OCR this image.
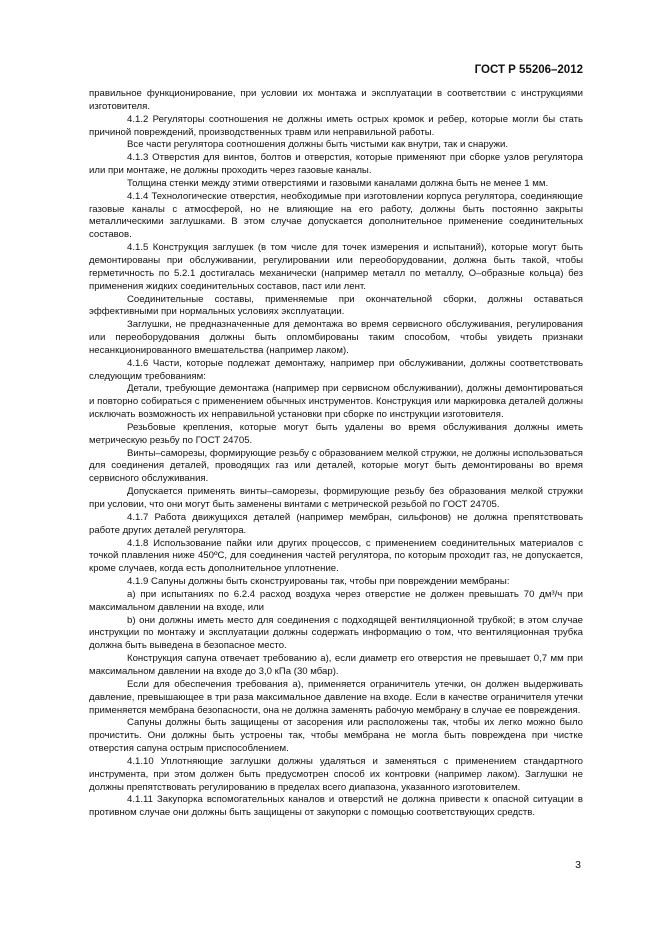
ГОСТ Р 55206–2012

правильное функционирование, при условии их монтажа и эксплуатации в соответствии с инструкциями изготовителя.

4.1.2 Регуляторы соотношения не должны иметь острых кромок и ребер, которые могли бы стать причиной повреждений, производственных травм или неправильной работы.

Все части регулятора соотношения должны быть чистыми как внутри, так и снаружи.

4.1.3 Отверстия для винтов, болтов и отверстия, которые применяют при сборке узлов регулятора или при монтаже, не должны проходить через газовые каналы.

Толщина стенки между этими отверстиями и газовыми каналами должна быть не менее 1 мм.

4.1.4 Технологические отверстия, необходимые при изготовлении корпуса регулятора, соединяющие газовые каналы с атмосферой, но не влияющие на его работу, должны быть постоянно закрыты металлическими заглушками. В этом случае допускается дополнительное применение соединительных составов.

4.1.5 Конструкция заглушек (в том числе для точек измерения и испытаний), которые могут быть демонтированы при обслуживании, регулировании или переоборудовании, должна быть такой, чтобы герметичность по 5.2.1 достигалась механически (например металл по металлу, О–образные кольца) без применения жидких соединительных составов, паст или лент.

Соединительные составы, применяемые при окончательной сборки, должны оставаться эффективными при нормальных условиях эксплуатации.

Заглушки, не предназначенные для демонтажа во время сервисного обслуживания, регулирования или переоборудования должны быть опломбированы таким способом, чтобы увидеть признаки несанкционированного вмешательства (например лаком).

4.1.6 Части, которые подлежат демонтажу, например при обслуживании, должны соответствовать следующим требованиям:

Детали, требующие демонтажа (например при сервисном обслуживании), должны демонтироваться и повторно собираться с применением обычных инструментов. Конструкция или маркировка деталей должны исключать возможность их неправильной установки при сборке по инструкции изготовителя.

Резьбовые крепления, которые могут быть удалены во время обслуживания должны иметь метрическую резьбу по ГОСТ 24705.

Винты–саморезы, формирующие резьбу с образованием мелкой стружки, не должны использоваться для соединения деталей, проводящих газ или деталей, которые могут быть демонтированы во время сервисного обслуживания.

Допускается применять винты–саморезы, формирующие резьбу без образования мелкой стружки при условии, что они могут быть заменены винтами с метрической резьбой по ГОСТ 24705.

4.1.7 Работа движущихся деталей (например мембран, сильфонов) не должна препятствовать работе других деталей регулятора.

4.1.8 Использование пайки или других процессов, с применением соединительных материалов с точкой плавления ниже 450ºC, для соединения частей регулятора, по которым проходит газ, не допускается, кроме случаев, когда есть дополнительное уплотнение.

4.1.9 Сапуны должны быть сконструированы так, чтобы при повреждении мембраны:

а) при испытаниях по 6.2.4 расход воздуха через отверстие не должен превышать 70 дм³/ч при максимальном давлении на входе, или

b) они должны иметь место для соединения с подходящей вентиляционной трубкой; в этом случае инструкции по монтажу и эксплуатации должны содержать информацию о том, что вентиляционная трубка должна быть выведена в безопасное место.

Конструкция сапуна отвечает требованию а), если диаметр его отверстия не превышает 0,7 мм при максимальном давлении на входе до 3,0 кПа (30 мбар).

Если для обеспечения требования а), применяется ограничитель утечки, он должен выдерживать давление, превышающее в три раза максимальное давление на входе. Если в качестве ограничителя утечки применяется мембрана безопасности, она не должна заменять рабочую мембрану в случае ее повреждения.

Сапуны должны быть защищены от засорения или расположены так, чтобы их легко можно было прочистить. Они должны быть устроены так, чтобы мембрана не могла быть повреждена при чистке отверстия сапуна острым приспособлением.

4.1.10 Уплотняющие заглушки должны удаляться и заменяться с применением стандартного инструмента, при этом должен быть предусмотрен способ их контровки (например лаком). Заглушки не должны препятствовать регулированию в пределах всего диапазона, указанного изготовителем.

4.1.11 Закупорка вспомогательных каналов и отверстий не должна привести к опасной ситуации в противном случае они должны быть защищены от закупорки с помощью соответствующих средств.

3
